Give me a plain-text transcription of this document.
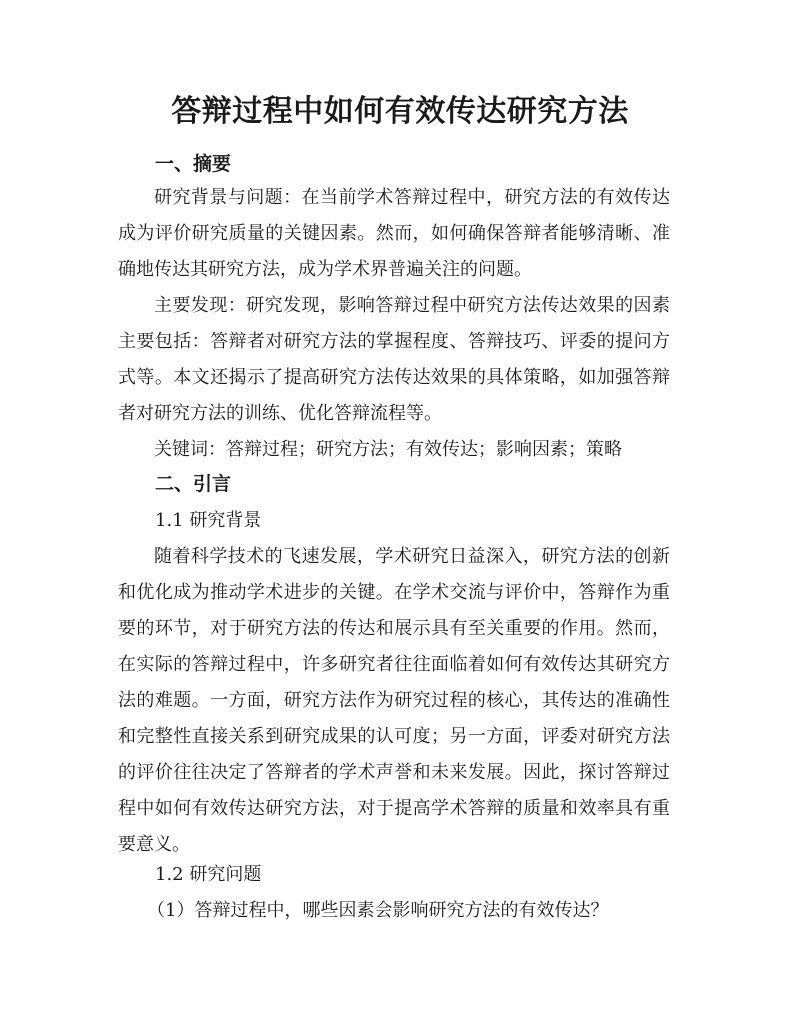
答辩过程中如何有效传达研究方法
一、摘要
研究背景与问题：在当前学术答辩过程中，研究方法的有效传达成为评价研究质量的关键因素。然而，如何确保答辩者能够清晰、准确地传达其研究方法，成为学术界普遍关注的问题。
主要发现：研究发现，影响答辩过程中研究方法传达效果的因素主要包括：答辩者对研究方法的掌握程度、答辩技巧、评委的提问方式等。本文还揭示了提高研究方法传达效果的具体策略，如加强答辩者对研究方法的训练、优化答辩流程等。
关键词：答辩过程；研究方法；有效传达；影响因素；策略
二、引言
1.1 研究背景
随着科学技术的飞速发展，学术研究日益深入，研究方法的创新和优化成为推动学术进步的关键。在学术交流与评价中，答辩作为重要的环节，对于研究方法的传达和展示具有至关重要的作用。然而，在实际的答辩过程中，许多研究者往往面临着如何有效传达其研究方法的难题。一方面，研究方法作为研究过程的核心，其传达的准确性和完整性直接关系到研究成果的认可度；另一方面，评委对研究方法的评价往往决定了答辩者的学术声誉和未来发展。因此，探讨答辩过程中如何有效传达研究方法，对于提高学术答辩的质量和效率具有重要意义。
1.2 研究问题
（1）答辩过程中，哪些因素会影响研究方法的有效传达？
